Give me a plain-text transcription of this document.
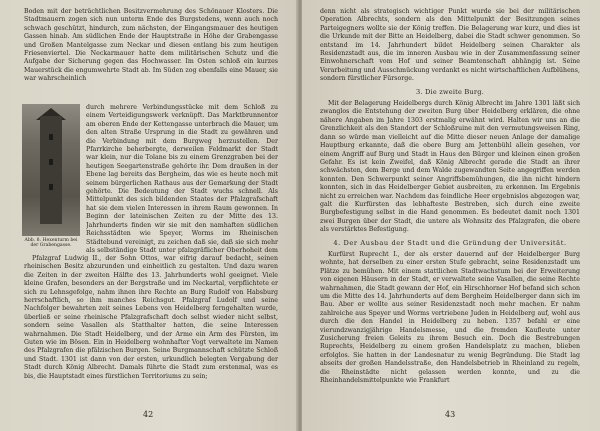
Boden mit der beträchtlichen Besitzvermehrung des Schönauer Klosters. Die Stadtmauern zogen sich nun unterm Ende des Burgstedens, wenn auch noch schwach geschützt, hindurch, zum nächsten, der Eingangsmauer des heutigen Gassen hinab. Am südlichen Ende der Hauptstraße in Höhe der Grabengasse und Großen Mantelgasse zum Neckar und diesen entlang bis zum heutigen Friesenviertel. Die Neckarmauer hatte dem militärischen Schutz und die Aufgabe der Sicherung gegen das Hochwasser. Im Osten schloß ein kurzes Mauerstück die engumwehrte Stadt ab. Im Süden zog ebenfalls eine Mauer, sie war wahrscheinlich

Abb. 8. Hexenturm bei der Grabengasse.
durch mehrere Verbindungsstücke mit dem Schloß zu einem Verteidigungswerk verknüpft. Das Marktbrunnentor am oberen Ende der Kettengasse unterbrach die Mauer, um den alten Straße Ursprung in die Stadt zu gewähren und die Verbindung mit dem Burgweg herzustellen. Der Pfarrkirche beherbergte, derweilen Feldmarkt der Stadt war klein, nur die Tolane bis zu einem Grenzgraben bei der heutigen Seegartenstraße gehörte ihr. Dem draußen in der Ebene lag bereits das Bergheim, das wie es heute noch mit seinem bürgerlichen Rathaus aus der Gemarkung der Stadt gehörte. Die Bedeutung der Stadt wuchs schnell. Als Mittelpunkt des sich bildenden Staates der Pfalzgrafschaft hat sie dem vielen Interessen in ihrem Raum gewonnen. In Beginn der lateinischen Zeiten zu der Mitte des 13. Jahrhunderts finden wir sie mit den namhaften südlichen Reichsstädten wie Speyer, Worms im Rheinischen Städtebund vereinigt, zu zeichen daß sie, daß sie sich mehr als selbständige Stadt unter pfalzgräflicher Oberhoheit dem

Pfalzgraf Ludwig II., der Sohn Ottos, war eifrig darauf bedacht, seinen rheinischen Besitz abzurunden und einheitlich zu gestalten. Und dazu waren die Zeiten in der zweiten Hälfte des 13. Jahrhunderts wohl geeignet. Viele kleine Grafen, besonders an der Bergstraße und im Neckartal, verpflichtete er sich zu Lehnsgefolge, nahm ihnen ihre Rechte an Burg Rudolf von Habsburg herrschaftlich, so ihm manches Reichsgut. Pfalzgraf Ludolf und seine Nachfolger bewahrten zeit seines Lebens von Heidelberg ferngehalten wurde, überließ er seine rheinische Pfalzgrafschaft doch selbst wieder nicht selbst, sondern seine Vasallen als Statthalter hatten, die seine Interessen wahrnahmen. Die Stadt Heidelberg, und der Arme ein Arm des Fürsten, im Guten wie im Bösen. Ein in Heidelberg wohnhafter Vogt verwaltete im Namen des Pfalzgrafen die pfälzischen Burgen. Seine Burgmannschaft schützte Schloß und Stadt. 1301 ist dann von der ersten, urkundlich belegten Vergabung der Stadt durch König Albrecht. Damals führte die Stadt zum erstenmal, was es bis, die Hauptstadt eines fürstlichen Territoriums zu sein;

42

denn nicht als strategisch wichtiger Punkt wurde sie bei der militärischen Operation Albrechts, sondern als den Mittelpunkt der Besitzungen seines Parteigegners wollte sie der König treffen. Die Belagerung war kurz, und dies ist die Urkunde mit der Bitte an Heidelberg, dabei die Stadt schwer genommen. So entstand im 14. Jahrhundert bildet Heidelberg seinen Charakter als Residenzstadt aus, die im inneren Ausbau wie in der Zusammenfassung seiner Einwohnerschaft vom Hof und seiner Beamtenschaft abhängig ist. Seine Verarbeitung und Ausschmückung verdankt es nicht wirtschaftlichen Aufblühens, sondern fürstlicher Fürsorge.

3. Die zweite Burg.

Mit der Belagerung Heidelbergs durch König Albrecht im Jahre 1301 läßt sich zwanglos die Entstehung der zweiten Burg über Heidelberg erklären, die ohne nähere Angaben im Jahre 1303 erstmalig erwähnt wird. Halten wir uns an die Grenzlichkeit als den Standort der Schloßruine mit den vermutungsweisen Ring, dann so würde man vielleicht auf die Mitte dieser neuen Anlage der damalige Hauptburg erkannte, daß die obere Burg am Jettenbühl allein gesehen, vor einem Angriff auf Burg und Stadt in Haus den Bürger und kleinen einen großen Gefahr. Es ist kein Zweifel, daß König Albrecht gerade die Stadt an ihrer schwächsten, dem Berge und dem Walde zugewandten Seite angegriffen werden konnten. Den Schwerpunkt seiner Angriffsbemühungen, die ihn nicht hindern konnten, sich in das Heidelberger Gebiet ausbreiten, zu erkennen. Im Ergebnis nicht zu erreichen war. Nachdem das feindliche Heer ergebnislos abgezogen war, galt die Kurfürsten das lebhafteste Bestreben, sich durch eine zweite Burgbefestigung selbst in die Hand genommen. Es bedeutet damit noch 1301 zwei Burgen über der Stadt, die untere als Wohnsitz des Pfalzgrafen, die obere als verstärktes Befestigung.

4. Der Ausbau der Stadt und die Gründung der Universität.

Kurfürst Ruprecht I., der als erster dauernd auf der Heidelberger Burg wohnte, hat derselben zu einer ersten Stufe gebracht, seine Residenzstadt um Plätze zu bemühen. Mit einem stattlichen Stadtwachstum bei der Erweiterung von eigenen Häusern in der Stadt, er verwaltete seine Vasallen, die seine Rechte wahrnahmen, die Stadt gewann der Hof, ein Hirschhorner Hof befand sich schon um die Mitte des 14. Jahrhunderts auf dem Bergheim Heidelberger dann sich im Bau. Aber er wollte aus seiner Residenzstadt noch mehr machen. Er nahm zahlreiche aus Speyer und Worms vertriebene Juden in Heidelberg auf, wohl aus durch die den Handel in Heidelberg zu heben. 1357 befahl er eine vierundzwanzigjährige Handelsmesse, und die fremden Kaufleute unter Zusicherung freien Geleits zu ihrem Besuch ein. Doch die Bestrebungen Ruprechts, Heidelberg zu einem großen Handelsplatz zu machen, blieben erfolglos. Sie hatten in der Landesnatur zu wenig Begründung. Die Stadt lag abseits der großen Handelsstraße, den Handelsbetrieb in Rheinland zu regeln, die Rheinstädte nicht gelassen werden konnte, und zu die Rheinhandelsmittelpunkte wie Frankfurt

43
